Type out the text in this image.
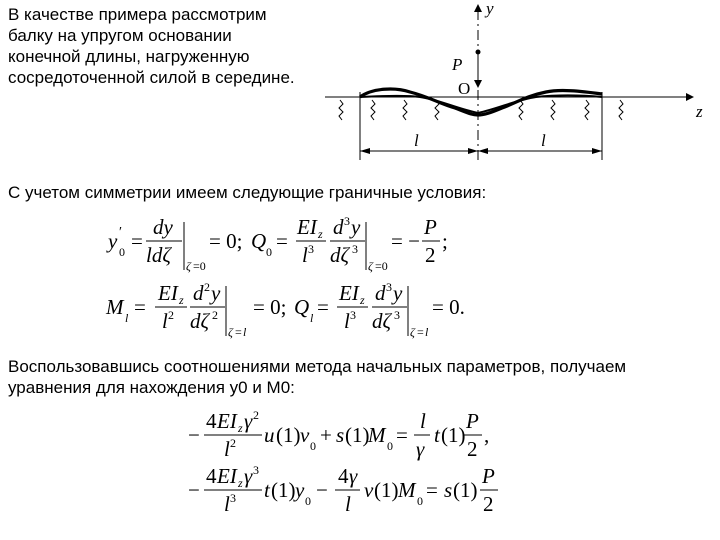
В качестве примера рассмотрим
балку на упругом основании
конечной длины, нагруженную
сосредоточенной силой в середине.
z
y
P
O
l	l
С учетом симметрии имеем следующие граничные условия:
y ′
0 =
dy
ldζ ζ =0
= 0; Q 0 =
EI z
l 3
d 3 y
dζ 3
ζ =0
= −
P
2
;
M l =
EI z
l 2
d 2 y
dζ 2
ζ = l
= 0; Q l =
EI z
l 3
d 3 y
dζ 3
ζ = l
= 0.
Воспользовавшись соотношениями метода начальных параметров, получаем
уравнения для нахождения y0 и M0:
−
4 EI z γ 2
l 2 u (1) v 0 + s (1)
M 0 =
l
γ
t (1)
P
2
,
−
4 EI z γ 3
l 3 t (1) y 0 −
4 γ
l
v (1) M 0 = s (1)
P
2
